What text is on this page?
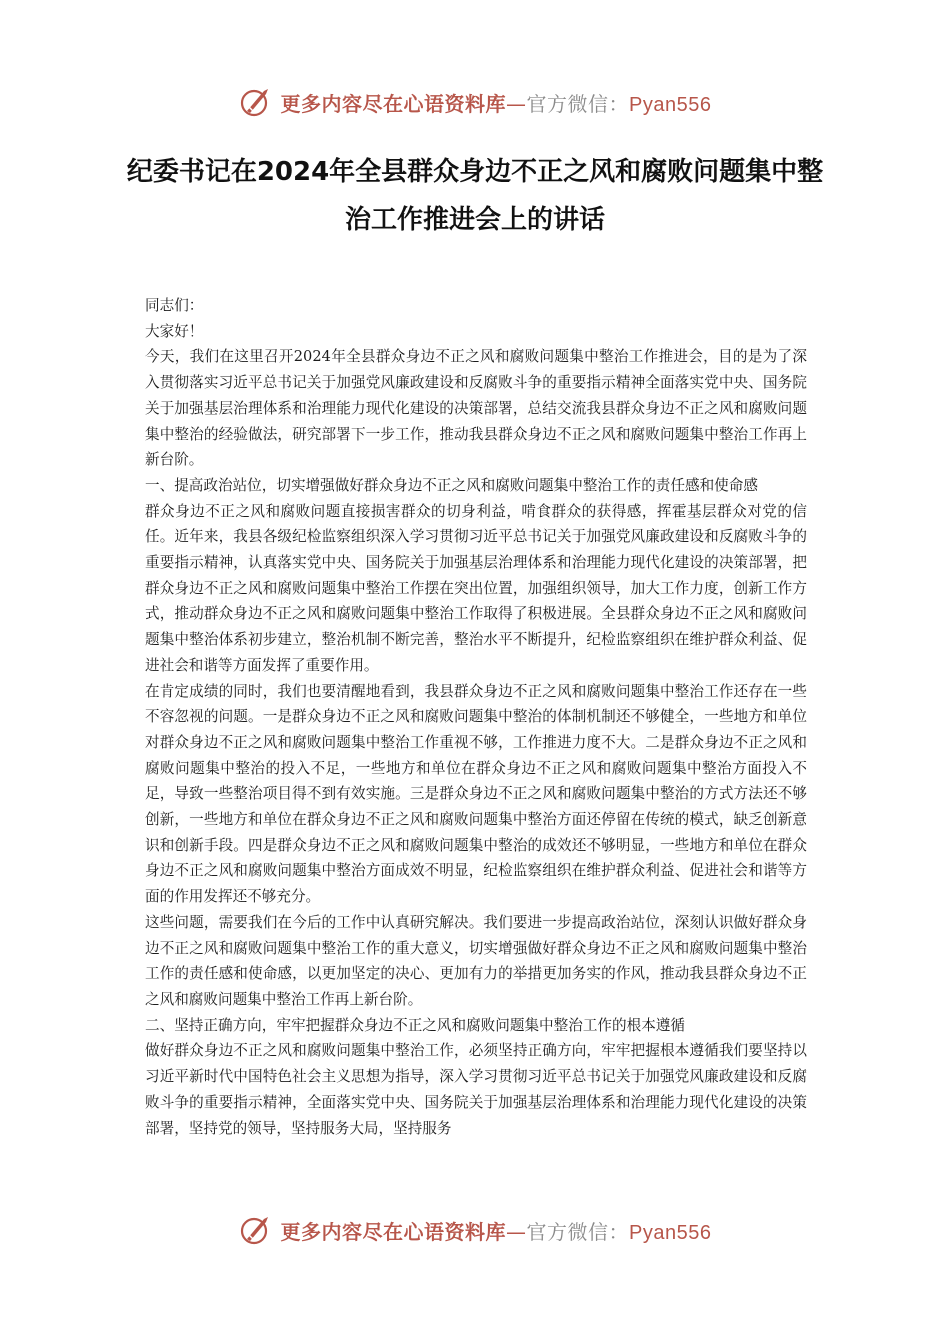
更多内容尽在心语资料库—官方微信：Pyan556
纪委书记在2024年全县群众身边不正之风和腐败问题集中整治工作推进会上的讲话

同志们：

大家好！

今天，我们在这里召开2024年全县群众身边不正之风和腐败问题集中整治工作推进会，目的是为了深入贯彻落实习近平总书记关于加强党风廉政建设和反腐败斗争的重要指示精神全面落实党中央、国务院关于加强基层治理体系和治理能力现代化建设的决策部署，总结交流我县群众身边不正之风和腐败问题集中整治的经验做法，研究部署下一步工作，推动我县群众身边不正之风和腐败问题集中整治工作再上新台阶。

一、提高政治站位，切实增强做好群众身边不正之风和腐败问题集中整治工作的责任感和使命感

群众身边不正之风和腐败问题直接损害群众的切身利益，啃食群众的获得感，挥霍基层群众对党的信任。近年来，我县各级纪检监察组织深入学习贯彻习近平总书记关于加强党风廉政建设和反腐败斗争的重要指示精神，认真落实党中央、国务院关于加强基层治理体系和治理能力现代化建设的决策部署，把群众身边不正之风和腐败问题集中整治工作摆在突出位置，加强组织领导，加大工作力度，创新工作方式，推动群众身边不正之风和腐败问题集中整治工作取得了积极进展。全县群众身边不正之风和腐败问题集中整治体系初步建立，整治机制不断完善，整治水平不断提升，纪检监察组织在维护群众利益、促进社会和谐等方面发挥了重要作用。

在肯定成绩的同时，我们也要清醒地看到，我县群众身边不正之风和腐败问题集中整治工作还存在一些不容忽视的问题。一是群众身边不正之风和腐败问题集中整治的体制机制还不够健全，一些地方和单位对群众身边不正之风和腐败问题集中整治工作重视不够，工作推进力度不大。二是群众身边不正之风和腐败问题集中整治的投入不足，一些地方和单位在群众身边不正之风和腐败问题集中整治方面投入不足，导致一些整治项目得不到有效实施。三是群众身边不正之风和腐败问题集中整治的方式方法还不够创新，一些地方和单位在群众身边不正之风和腐败问题集中整治方面还停留在传统的模式，缺乏创新意识和创新手段。四是群众身边不正之风和腐败问题集中整治的成效还不够明显，一些地方和单位在群众身边不正之风和腐败问题集中整治方面成效不明显，纪检监察组织在维护群众利益、促进社会和谐等方面的作用发挥还不够充分。

这些问题，需要我们在今后的工作中认真研究解决。我们要进一步提高政治站位，深刻认识做好群众身边不正之风和腐败问题集中整治工作的重大意义，切实增强做好群众身边不正之风和腐败问题集中整治工作的责任感和使命感，以更加坚定的决心、更加有力的举措更加务实的作风，推动我县群众身边不正之风和腐败问题集中整治工作再上新台阶。

二、坚持正确方向，牢牢把握群众身边不正之风和腐败问题集中整治工作的根本遵循

做好群众身边不正之风和腐败问题集中整治工作，必须坚持正确方向，牢牢把握根本遵循我们要坚持以习近平新时代中国特色社会主义思想为指导，深入学习贯彻习近平总书记关于加强党风廉政建设和反腐败斗争的重要指示精神，全面落实党中央、国务院关于加强基层治理体系和治理能力现代化建设的决策部署，坚持党的领导，坚持服务大局，坚持服务

更多内容尽在心语资料库—官方微信：Pyan556
